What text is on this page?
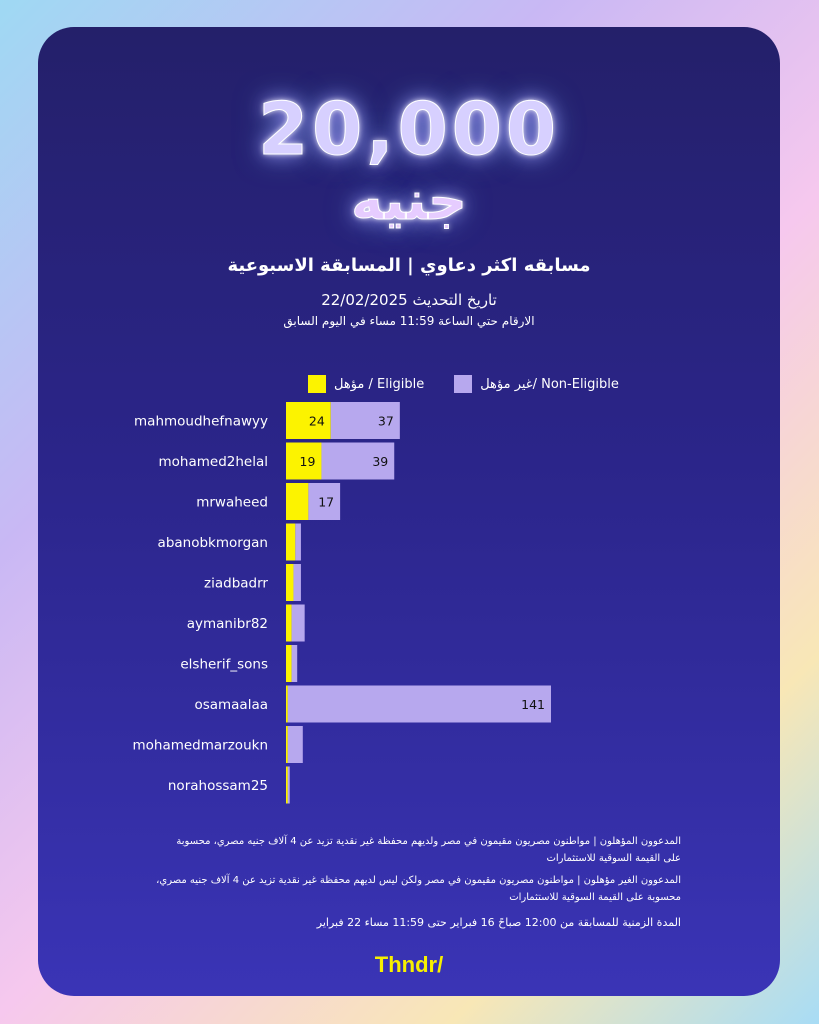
20,000
جنيه
مسابقه اكثر دعاوي | المسابقة الاسبوعية
تاريخ التحديث 22/02/2025
الارقام حتي الساعة 11:59 مساء في اليوم السابق
مؤهل / Eligible	غير مؤهل/ Non-Eligible
mahmoudhefnawyy	24	37
mohamed2helal	19	39
mrwaheed	17
abanobkmorgan
ziadbadrr
aymanibr82
elsherif_sons
osamaalaa	141
mohamedmarzoukn
norahossam25
المدعوون المؤهلون | مواطنون مصريون مقيمون في مصر ولديهم محفظة غير نقدية تزيد عن 4 آلاف جنيه مصري، محسوبة على القيمة السوقية للاستثمارات
المدعوون الغير مؤهلون | مواطنون مصريون مقيمون في مصر ولكن ليس لديهم محفظة غير نقدية تزيد عن 4 آلاف جنيه مصري، محسوبة على القيمة السوقية للاستثمارات
المدة الزمنية للمسابقة من 12:00 صباحً 16 فبراير حتى 11:59 مساء 22 فبراير
Thndr/
